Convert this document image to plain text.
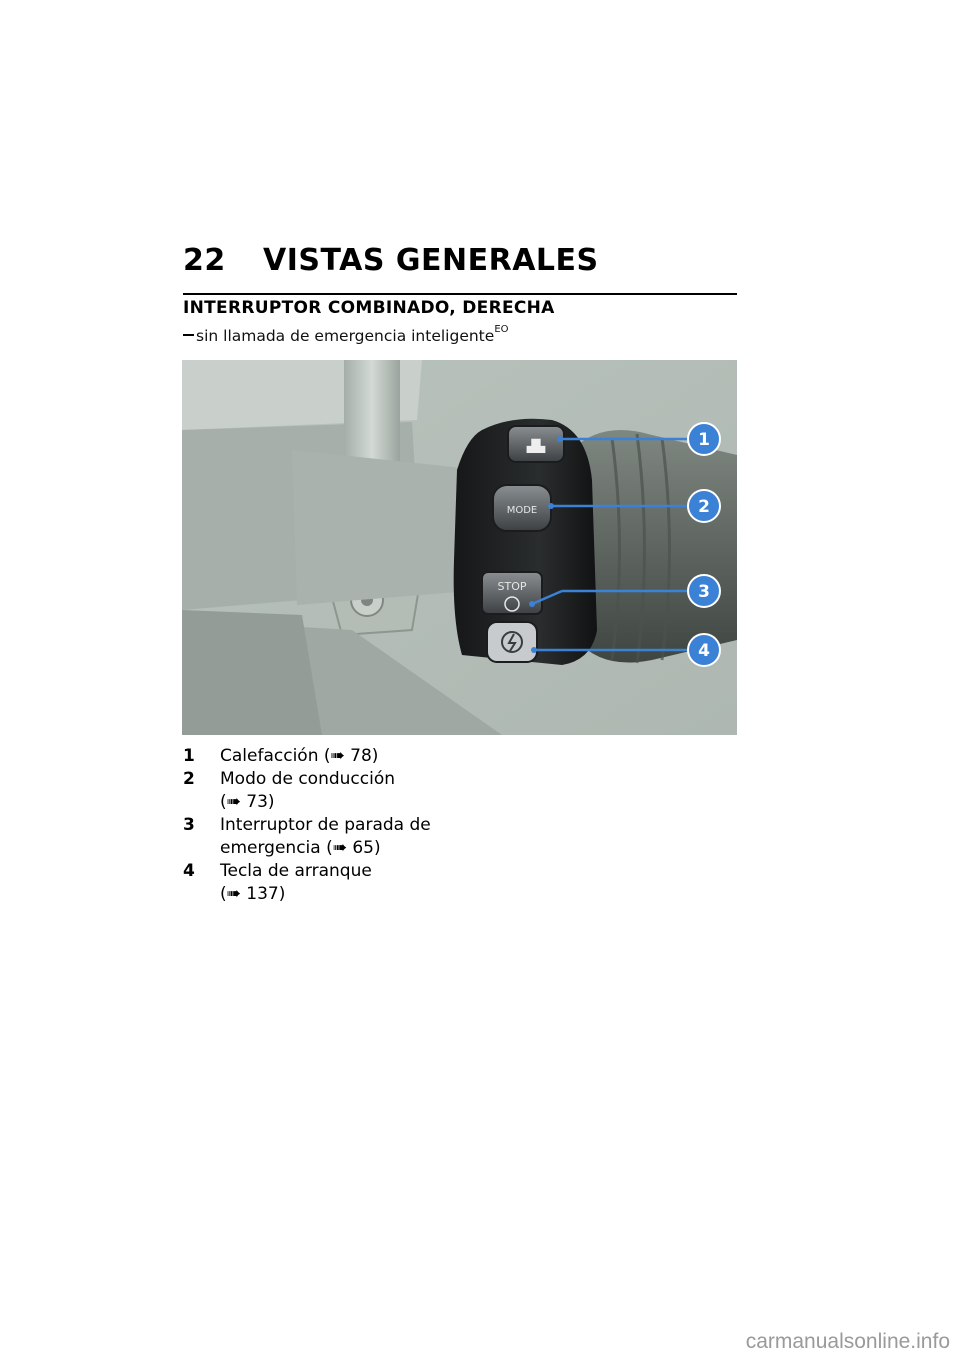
22 VISTAS GENERALES
INTERRUPTOR COMBINADO, DERECHA
sin llamada de emergencia inteligente$^{EO}$
▟▙
MODE
STOP
1
2
3
4
1 Calefacción (➠ 78)
2 Modo de conducción
(➠ 73)
3 Interruptor de parada de
emergencia (➠ 65)
4 Tecla de arranque
(➠ 137)
carmanualsonline.info
